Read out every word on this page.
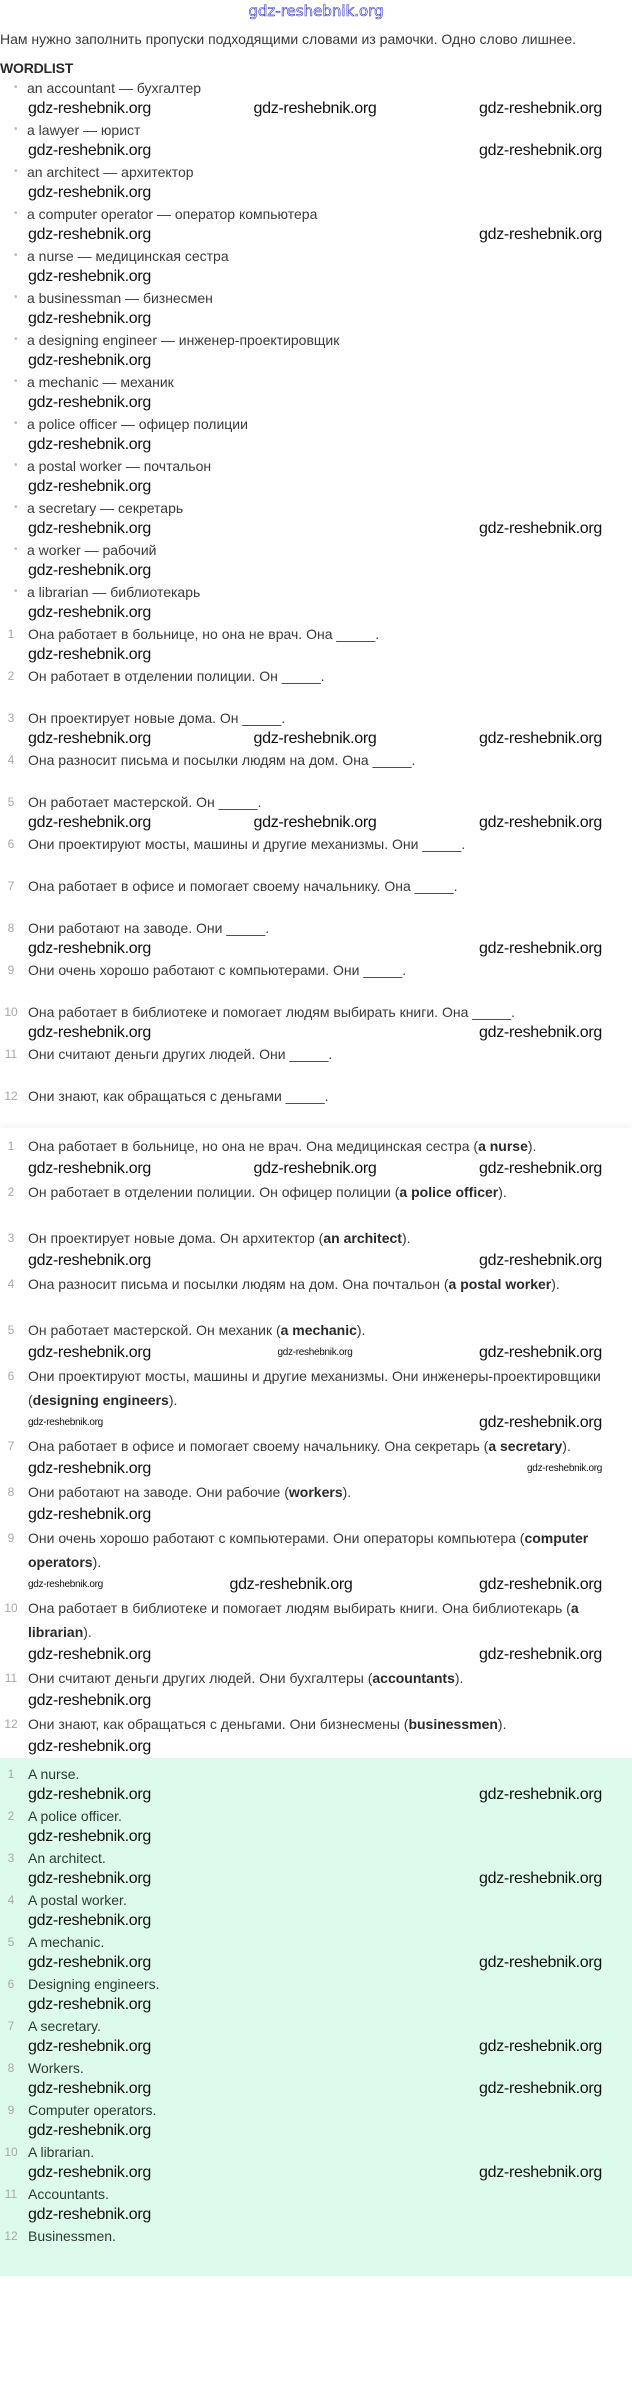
gdz-reshebnik.org
Нам нужно заполнить пропуски подходящими словами из рамочки. Одно слово лишнее.
WORDLIST
• an accountant — бухгалтер
gdz-reshebnik.org	gdz-reshebnik.org	gdz-reshebnik.org
• a lawyer — юрист
gdz-reshebnik.org	gdz-reshebnik.org
• an architect — архитектор
gdz-reshebnik.org
• a computer operator — оператор компьютера
gdz-reshebnik.org	gdz-reshebnik.org
• a nurse — медицинская сестра
gdz-reshebnik.org
• a businessman — бизнесмен
gdz-reshebnik.org
• a designing engineer — инженер-проектировщик
gdz-reshebnik.org
• a mechanic — механик
gdz-reshebnik.org
• a police officer — офицер полиции
gdz-reshebnik.org
• a postal worker — почтальон
gdz-reshebnik.org
• a secretary — секретарь
gdz-reshebnik.org	gdz-reshebnik.org
• a worker — рабочий
gdz-reshebnik.org
• a librarian — библиотекарь
gdz-reshebnik.org
1 Она работает в больнице, но она не врач. Она _____.
gdz-reshebnik.org
2 Он работает в отделении полиции. Он _____.
3 Он проектирует новые дома. Он _____.
gdz-reshebnik.org	gdz-reshebnik.org	gdz-reshebnik.org
4 Она разносит письма и посылки людям на дом. Она _____.
5 Он работает мастерской. Он _____.
gdz-reshebnik.org	gdz-reshebnik.org	gdz-reshebnik.org
6 Они проектируют мосты, машины и другие механизмы. Они _____.
7 Она работает в офисе и помогает своему начальнику. Она _____.
8 Они работают на заводе. Они _____.
gdz-reshebnik.org	gdz-reshebnik.org
9 Они очень хорошо работают с компьютерами. Они _____.
10 Она работает в библиотеке и помогает людям выбирать книги. Она _____.
gdz-reshebnik.org	gdz-reshebnik.org
11 Они считают деньги других людей. Они _____.
12 Они знают, как обращаться с деньгами _____.
1 Она работает в больнице, но она не врач. Она медицинская сестра (a nurse).
gdz-reshebnik.org	gdz-reshebnik.org	gdz-reshebnik.org
2 Он работает в отделении полиции. Он офицер полиции (a police officer).
3 Он проектирует новые дома. Он архитектор (an architect).
gdz-reshebnik.org	gdz-reshebnik.org
4 Она разносит письма и посылки людям на дом. Она почтальон (a postal worker).
5 Он работает мастерской. Он механик (a mechanic).
gdz-reshebnik.org	gdz-reshebnik.org	gdz-reshebnik.org
6 Они проектируют мосты, машины и другие механизмы. Они инженеры-проектировщики (designing engineers).
gdz-reshebnik.org	gdz-reshebnik.org
7 Она работает в офисе и помогает своему начальнику. Она секретарь (a secretary).
gdz-reshebnik.org	gdz-reshebnik.org
8 Они работают на заводе. Они рабочие (workers).
gdz-reshebnik.org
9 Они очень хорошо работают с компьютерами. Они операторы компьютера (computer operators).
gdz-reshebnik.org	gdz-reshebnik.org	gdz-reshebnik.org
10 Она работает в библиотеке и помогает людям выбирать книги. Она библиотекарь (a librarian).
gdz-reshebnik.org	gdz-reshebnik.org
11 Они считают деньги других людей. Они бухгалтеры (accountants).
gdz-reshebnik.org
12 Они знают, как обращаться с деньгами. Они бизнесмены (businessmen).
gdz-reshebnik.org
1 A nurse.
gdz-reshebnik.org	gdz-reshebnik.org
2 A police officer.
gdz-reshebnik.org
3 An architect.
gdz-reshebnik.org	gdz-reshebnik.org
4 A postal worker.
gdz-reshebnik.org
5 A mechanic.
gdz-reshebnik.org	gdz-reshebnik.org
6 Designing engineers.
gdz-reshebnik.org
7 A secretary.
gdz-reshebnik.org	gdz-reshebnik.org
8 Workers.
gdz-reshebnik.org	gdz-reshebnik.org
9 Computer operators.
gdz-reshebnik.org
10 A librarian.
gdz-reshebnik.org	gdz-reshebnik.org
11 Accountants.
gdz-reshebnik.org
12 Businessmen.
